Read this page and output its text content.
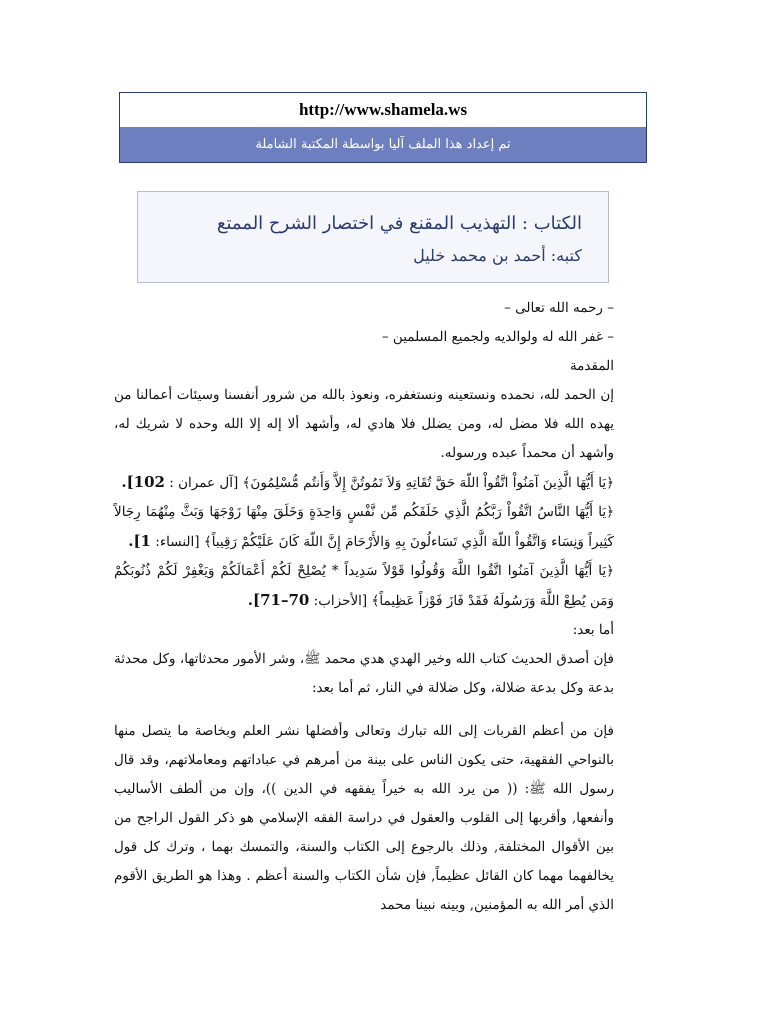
http://www.shamela.ws
تم إعداد هذا الملف آليا بواسطة المكتبة الشاملة
الكتاب : التهذيب المقنع في اختصار الشرح الممتع
كتبه: أحمد بن محمد خليل

– رحمه الله تعالى –

– غفر الله له ولوالديه ولجميع المسلمين –

المقدمة

إن الحمد لله، نحمده ونستعينه ونستغفره، ونعوذ بالله من شرور أنفسنا وسيئات أعمالنا من يهده الله فلا مضل له، ومن يضلل فلا هادي له، وأشهد ألا إله إلا الله وحده لا شريك له، وأشهد أن محمداً عبده ورسوله.

﴿يَا أَيُّهَا الَّذِينَ آمَنُواْ اتَّقُواْ اللّهَ حَقَّ تُقَاتِهِ وَلاَ تَمُوتُنَّ إِلاَّ وَأَنتُم مُّسْلِمُونَ﴾ [آل عمران : 102].

﴿يَا أَيُّهَا النَّاسُ اتَّقُواْ رَبَّكُمُ الَّذِي خَلَقَكُم مِّن نَّفْسٍ وَاحِدَةٍ وَخَلَقَ مِنْهَا زَوْجَهَا وَبَثَّ مِنْهُمَا رِجَالاً كَثِيراً وَنِسَاء وَاتَّقُواْ اللّهَ الَّذِي تَسَاءلُونَ بِهِ وَالأَرْحَامَ إِنَّ اللّهَ كَانَ عَلَيْكُمْ رَقِيباً﴾ [النساء: 1].

﴿يَا أَيُّهَا الَّذِينَ آمَنُوا اتَّقُوا اللَّهَ وَقُولُوا قَوْلاً سَدِيداً * يُصْلِحْ لَكُمْ أَعْمَالَكُمْ وَيَغْفِرْ لَكُمْ ذُنُوبَكُمْ وَمَن يُطِعْ اللَّهَ وَرَسُولَهُ فَقَدْ فَازَ فَوْزاً عَظِيماً﴾ [الأحزاب: 70–71].

أما بعد:

فإن أصدق الحديث كتاب الله وخير الهدي هدي محمد ﷺ، وشر الأمور محدثاتها، وكل محدثة بدعة وكل بدعة ضلالة، وكل ضلالة في النار، ثم أما بعد:

فإن من أعظم القربات إلى الله تبارك وتعالى وأفضلها نشر العلم وبخاصة ما يتصل منها بالنواحي الفقهية، حتى يكون الناس على بينة من أمرهم في عباداتهم ومعاملاتهم، وقد قال رسول الله ﷺ: (( من يرد الله به خيراً يفقهه في الدين ))، وإن من ألطف الأساليب وأنفعها, وأقربها إلى القلوب والعقول في دراسة الفقه الإسلامي هو ذكر القول الراجح من بين الأقوال المختلفة, وذلك بالرجوع إلى الكتاب والسنة، والتمسك بهما ، وترك كل قول يخالفهما مهما كان القائل عظيماً, فإن شأن الكتاب والسنة أعظم . وهذا هو الطريق الأقوم الذي أمر الله به المؤمنين, وبينه نبينا محمد
